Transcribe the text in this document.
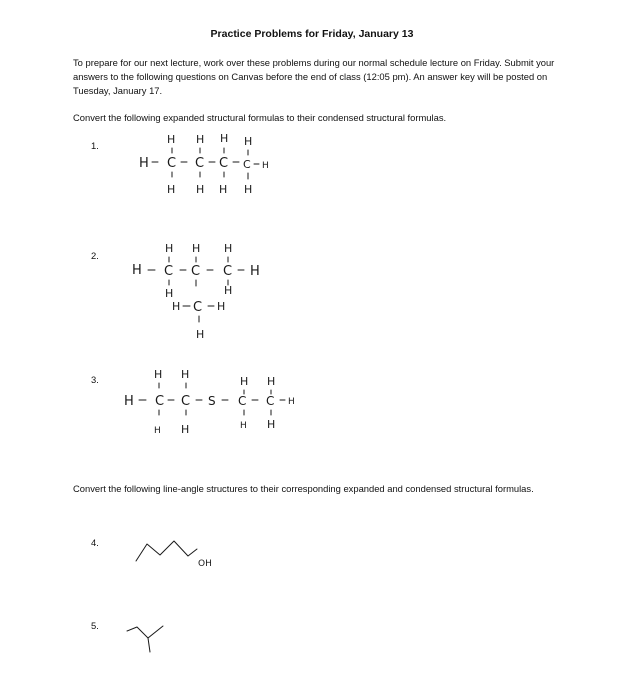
Practice Problems for Friday, January 13
To prepare for our next lecture, work over these problems during our normal schedule lecture on Friday. Submit your answers to the following questions on Canvas before the end of class (12:05 pm). An answer key will be posted on Tuesday, January 17.
Convert the following expanded structural formulas to their condensed structural formulas.
1.
2.
3.
Convert the following line-angle structures to their corresponding expanded and condensed structural formulas.
4.
5.
H H H H
H C C C C H
H H H H
H H H
H C C C H
H	H
H C H
H
H H
H H
H C C S C C H
H H	H H
OH
